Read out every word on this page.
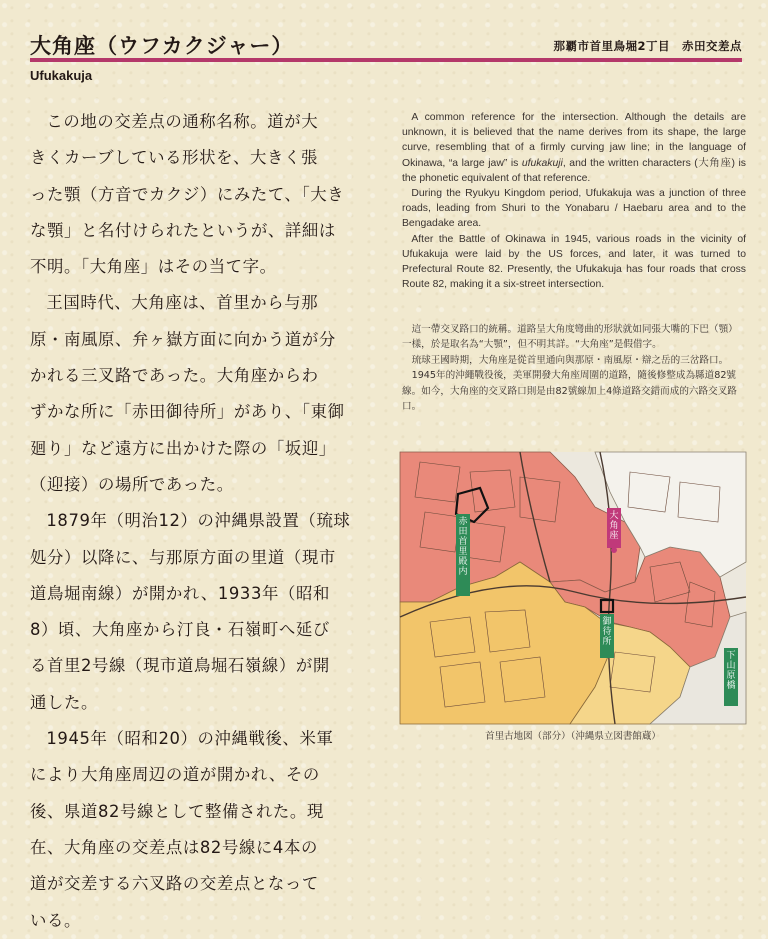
大角座（ウフカクジャー）	那覇市首里鳥堀2丁目　赤田交差点
Ufukakuja

この地の交差点の通称名称。道が大
きくカーブしている形状を、大きく張
った顎（方音でカクジ）にみたて、「大き
な顎」と名付けられたというが、詳細は
不明。「大角座」はその当て字。

王国時代、大角座は、首里から与那
原・南風原、弁ヶ嶽方面に向かう道が分
かれる三叉路であった。大角座からわ
ずかな所に「赤田御待所」があり、「東御
廻り」など遠方に出かけた際の「坂迎」
（迎接）の場所であった。

1879年（明治12）の沖縄県設置（琉球
処分）以降に、与那原方面の里道（現市
道鳥堀南線）が開かれ、1933年（昭和
8）頃、大角座から汀良・石嶺町へ延び
る首里2号線（現市道鳥堀石嶺線）が開
通した。

1945年（昭和20）の沖縄戦後、米軍
により大角座周辺の道が開かれ、その
後、県道82号線として整備された。現
在、大角座の交差点は82号線に4本の
道が交差する六叉路の交差点となって
いる。

A common reference for the intersection. Although the details are unknown, it is believed that the name derives from its shape, the large curve, resembling that of a firmly curving jaw line; in the language of Okinawa, “a large jaw” is ufukakuji, and the written characters (大角座) is the phonetic equivalent of that reference.

During the Ryukyu Kingdom period, Ufukakuja was a junction of three roads, leading from Shuri to the Yonabaru / Haebaru area and to the Bengadake area.

After the Battle of Okinawa in 1945, various roads in the vicinity of Ufukakuja were laid by the US forces, and later, it was turned to Prefectural Route 82. Presently, the Ufukakuja has four roads that cross Route 82, making it a six-street intersection.

這一帶交叉路口的統稱。道路呈大角度彎曲的形狀就如同張大嘴的下巴（顎）一樣，於是取名為“大顎”，但不明其詳。“大角座”是假借字。

琉球王國時期，大角座是從首里通向與那原・南風原・辯之岳的三岔路口。

1945年的沖繩戰役後，美軍開發大角座周圍的道路，隨後修整成為縣道82號線。如今，大角座的交叉路口則是由82號線加上4條道路交錯而成的六路交叉路口。

赤田首里殿内
大角座
御待所
下山原橋
首里古地図（部分）（沖縄県立図書館蔵）
